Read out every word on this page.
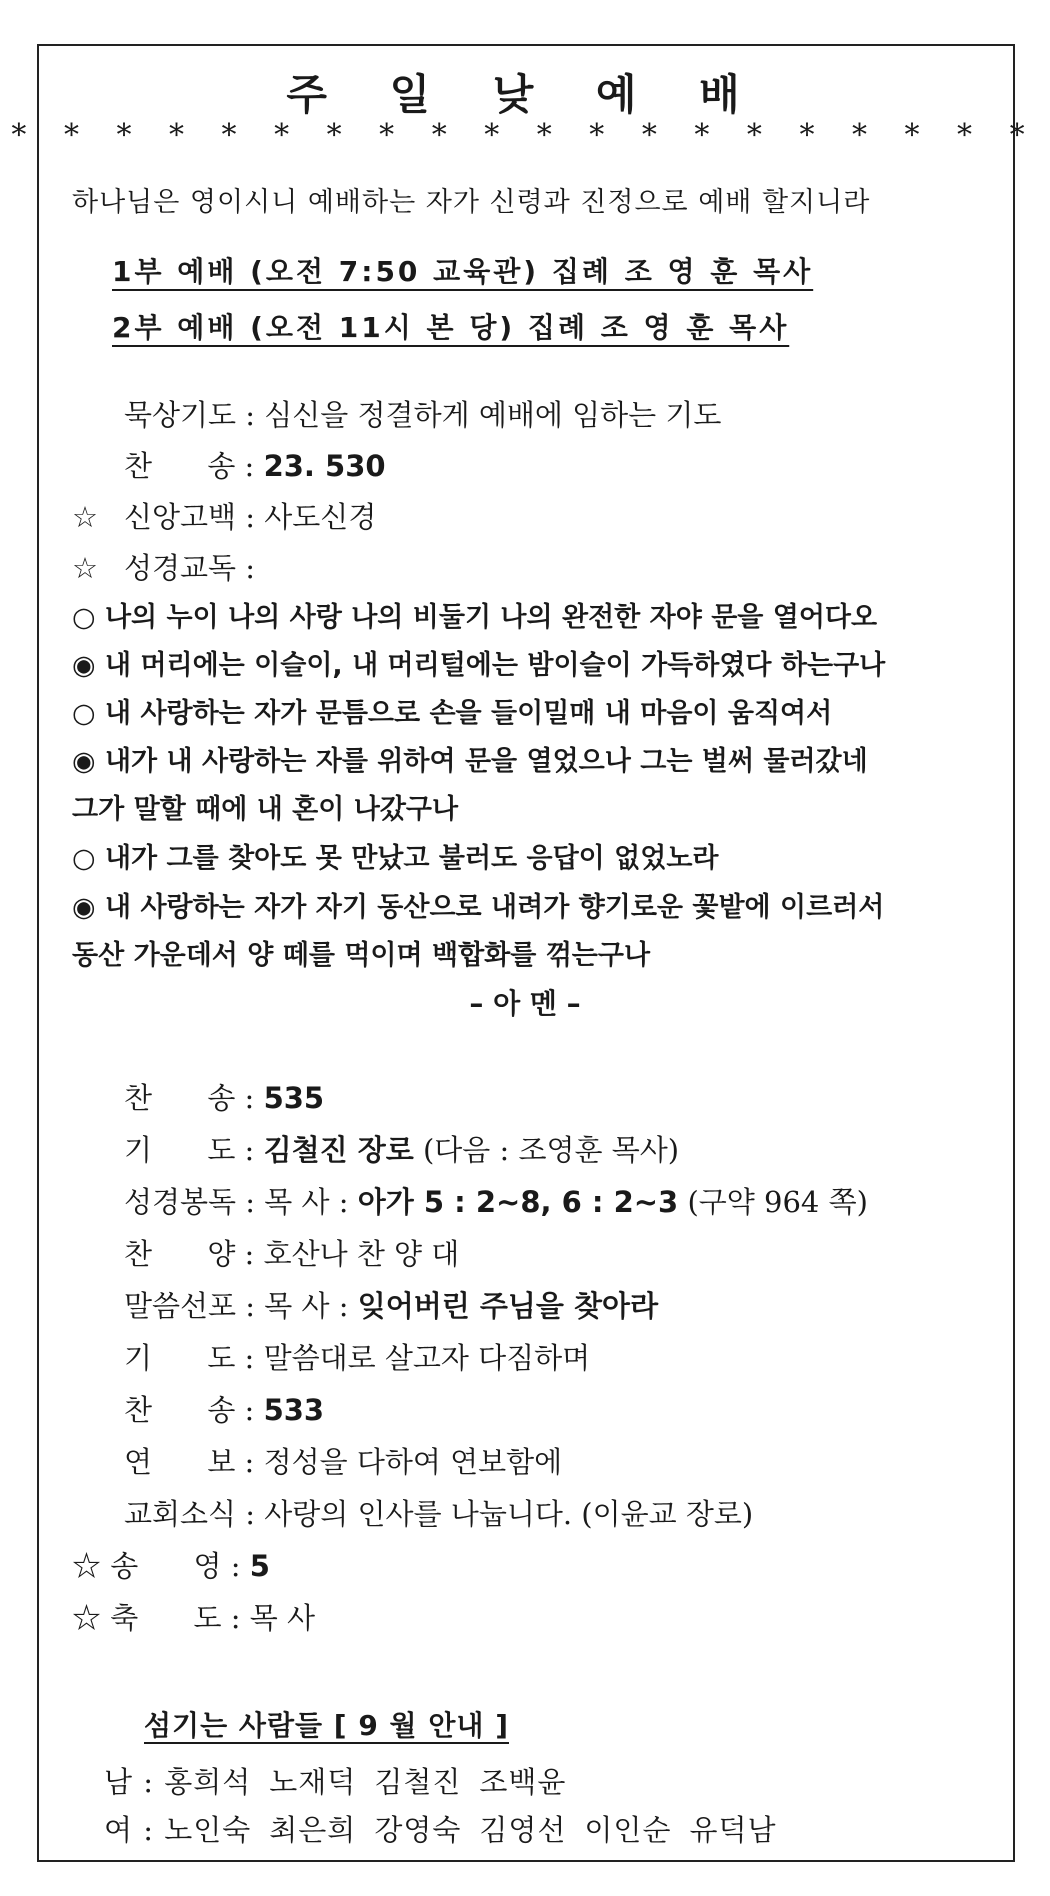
주 일 낮 예 배
* * * * * * * * * * * * * * * * * * * *
하나님은 영이시니 예배하는 자가 신령과 진정으로 예배 할지니라
1부 예배 (오전 7:50 교육관) 집례 조 영 훈 목사
2부 예배 (오전 11시 본 당) 집례 조 영 훈 목사
묵상기도 : 심신을 정결하게 예배에 임하는 기도
찬      송 : 23. 530
☆ 신앙고백 : 사도신경
☆ 성경교독 :
○ 나의 누이 나의 사랑 나의 비둘기 나의 완전한 자야 문을 열어다오
◉ 내 머리에는 이슬이, 내 머리털에는 밤이슬이 가득하였다 하는구나
○ 내 사랑하는 자가 문틈으로 손을 들이밀매 내 마음이 움직여서
◉ 내가 내 사랑하는 자를 위하여 문을 열었으나 그는 벌써 물러갔네
그가 말할 때에 내 혼이 나갔구나
○ 내가 그를 찾아도 못 만났고 불러도 응답이 없었노라
◉ 내 사랑하는 자가 자기 동산으로 내려가 향기로운 꽃밭에 이르러서
동산 가운데서 양 떼를 먹이며 백합화를 꺾는구나
– 아 멘 –
찬      송 : 535
기      도 : 김철진 장로 (다음 : 조영훈 목사)
성경봉독 : 목 사 : 아가 5 : 2~8, 6 : 2~3 (구약 964 쪽)
찬      양 : 호산나 찬 양 대
말씀선포 : 목 사 : 잊어버린 주님을 찾아라
기      도 : 말씀대로 살고자 다짐하며
찬      송 : 533
연      보 : 정성을 다하여 연보함에
교회소식 : 사랑의 인사를 나눕니다. (이윤교 장로)
☆ 송      영 : 5
☆ 축      도 : 목 사
섬기는 사람들 [ 9 월 안내 ]
남 : 홍희석 노재덕 김철진 조백윤
여 : 노인숙 최은희 강영숙 김영선 이인순 유덕남
